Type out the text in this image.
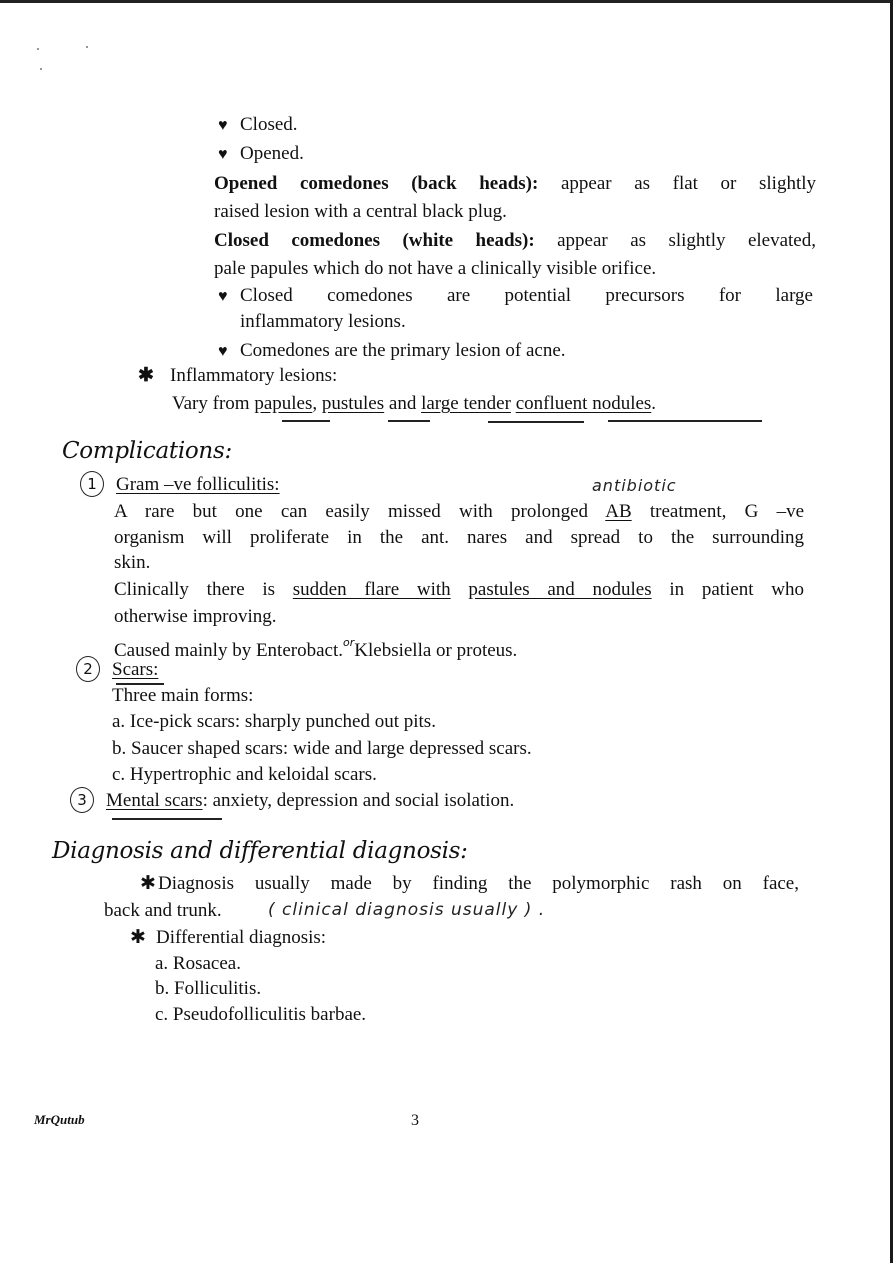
♥ Closed.
♥ Opened.
Opened comedones (back heads): appear as flat or slightly
raised lesion with a central black plug.
Closed comedones (white heads): appear as slightly elevated,
pale papules which do not have a clinically visible orifice.
♥ Closed comedones are potential precursors for large
inflammatory lesions.
♥ Comedones are the primary lesion of acne.
✱ Inflammatory lesions:
Vary from papules, pustules and large tender confluent nodules.
Complications:
1	Gram –ve folliculitis:	antibiotic
A rare but one can easily missed with prolonged AB treatment, G –ve
organism will proliferate in the ant. nares and spread to the surrounding
skin.
Clinically there is sudden flare with pastules and nodules in patient who
otherwise improving.
Caused mainly by Enterobact.$^{or}$Klebsiella or proteus.
2	Scars:
Three main forms:
a. Ice-pick scars: sharply punched out pits.
b. Saucer shaped scars: wide and large depressed scars.
c. Hypertrophic and keloidal scars.
3	Mental scars: anxiety, depression and social isolation.
Diagnosis and differential diagnosis:
✱ Diagnosis usually made by finding the polymorphic rash on face,
back and trunk.	( clinical diagnosis usually ) .
✱ Differential diagnosis:
a. Rosacea.
b. Folliculitis.
c. Pseudofolliculitis barbae.
MrQutub	3
